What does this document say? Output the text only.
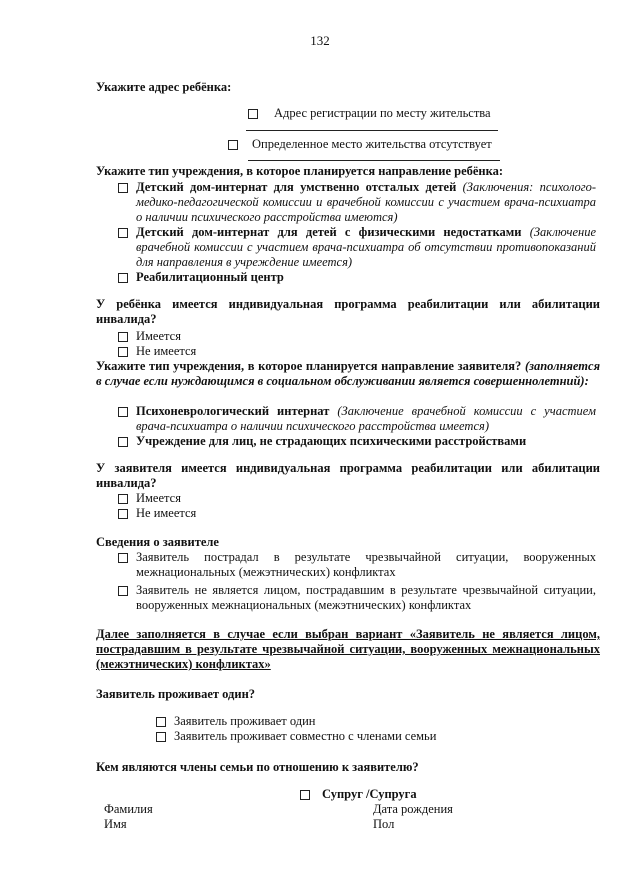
132
Укажите адрес ребёнка:
Адрес регистрации по месту жительства
Определенное место жительства отсутствует
Укажите тип учреждения, в которое планируется направление ребёнка:
Детский дом-интернат для умственно отсталых детей (Заключения: психолого-медико-педагогической комиссии и врачебной комиссии с участием врача-психиатра о наличии психического расстройства имеются)
Детский дом-интернат для детей с физическими недостатками (Заключение врачебной комиссии с участием врача-психиатра об отсутствии противопоказаний для направления в учреждение имеется)
Реабилитационный центр
У ребёнка имеется индивидуальная программа реабилитации или абилитации инвалида?
Имеется
Не имеется
Укажите тип учреждения, в которое планируется направление заявителя? (заполняется в случае если нуждающимся в социальном обслуживании является совершеннолетний):
Психоневрологический интернат (Заключение врачебной комиссии с участием врача-психиатра о наличии психического расстройства имеется)
Учреждение для лиц, не страдающих психическими расстройствами
У заявителя имеется индивидуальная программа реабилитации или абилитации инвалида?
Имеется
Не имеется
Сведения о заявителе
Заявитель пострадал в результате чрезвычайной ситуации, вооруженных межнациональных (межэтнических) конфликтах
Заявитель не является лицом, пострадавшим в результате чрезвычайной ситуации, вооруженных межнациональных (межэтнических) конфликтах
Далее заполняется в случае если выбран вариант «Заявитель не является лицом, пострадавшим в результате чрезвычайной ситуации, вооруженных межнациональных (межэтнических) конфликтах»
Заявитель проживает один?
Заявитель проживает один
Заявитель проживает совместно с членами семьи
Кем являются члены семьи по отношению к заявителю?
Супруг /Супруга
Фамилия	Дата рождения
Имя	Пол
